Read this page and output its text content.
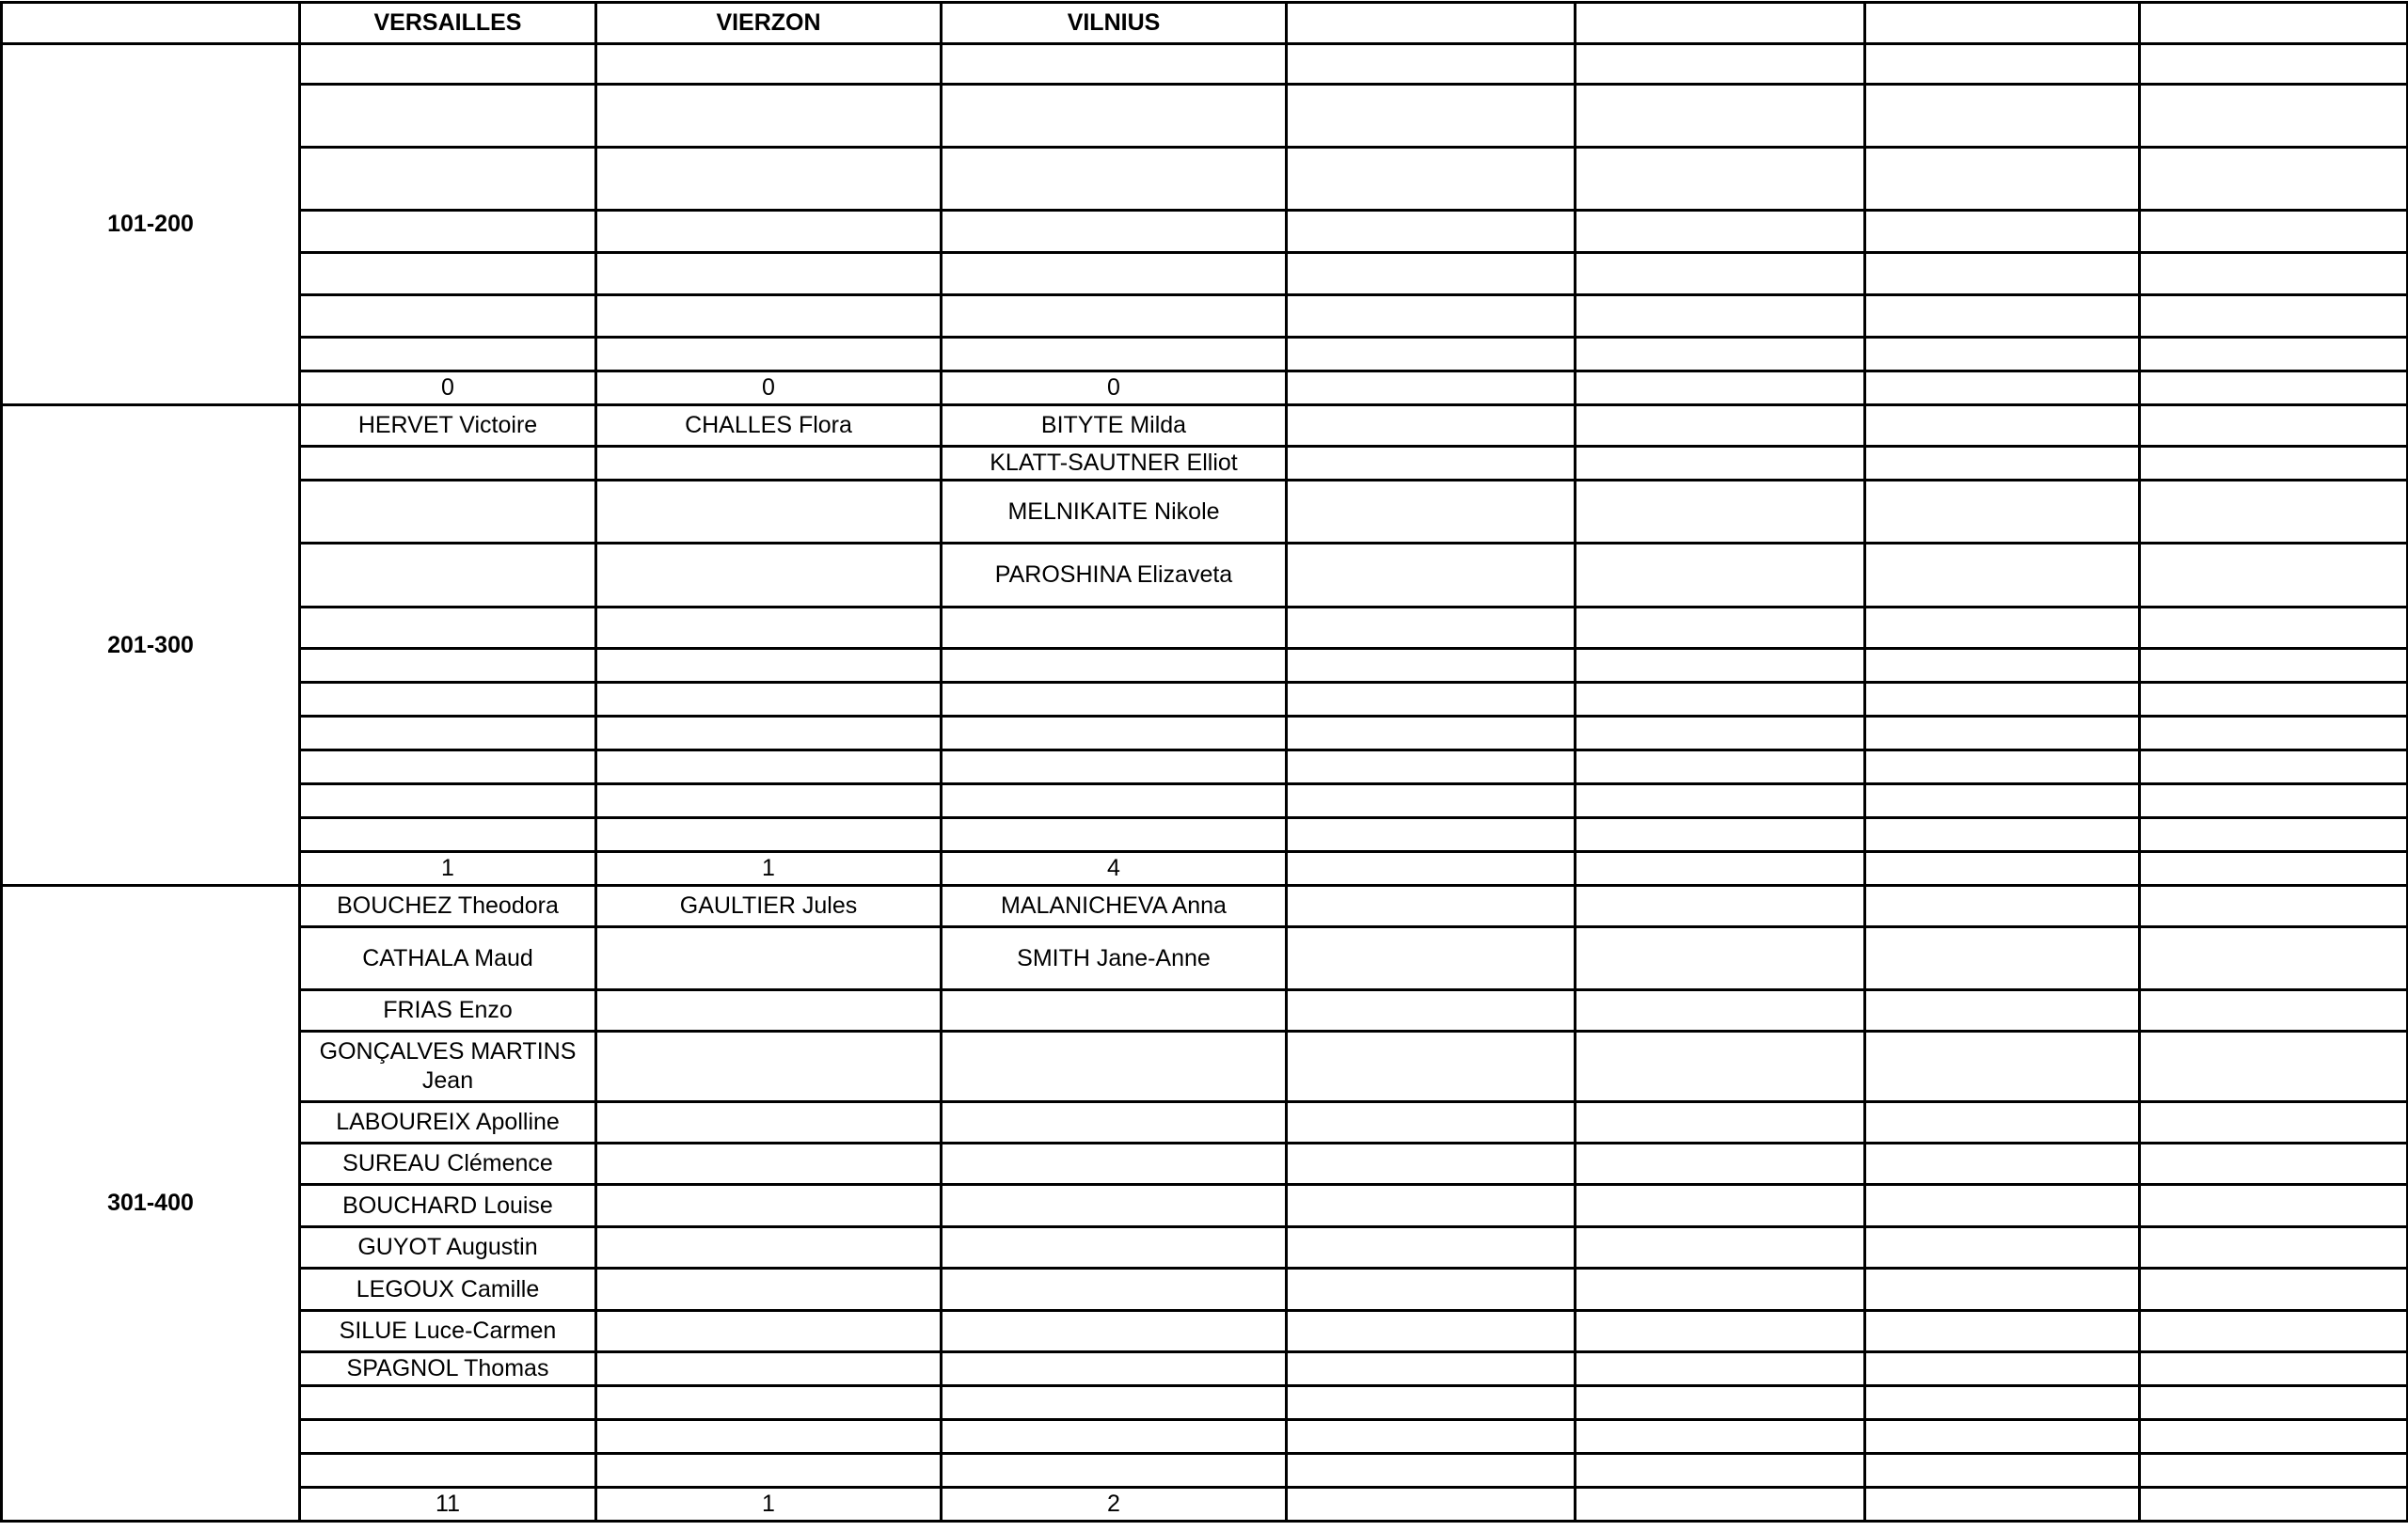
	VERSAILLES	VIERZON	VILNIUS				
101-200							

	0	0	0				
201-300	HERVET Victoire	CHALLES Flora	BITYTE Milda				
			KLATT-SAUTNER Elliot				
			MELNIKAITE Nikole				
			PAROSHINA Elizaveta				

	1	1	4				
301-400	BOUCHEZ Theodora	GAULTIER Jules	MALANICHEVA Anna				
	CATHALA Maud		SMITH Jane-Anne				
	FRIAS Enzo						
	GONÇALVES MARTINS Jean						
	LABOUREIX Apolline						
	SUREAU Clémence						
	BOUCHARD Louise						
	GUYOT Augustin						
	LEGOUX Camille						
	SILUE Luce-Carmen						
	SPAGNOL Thomas						

	11	1	2				
